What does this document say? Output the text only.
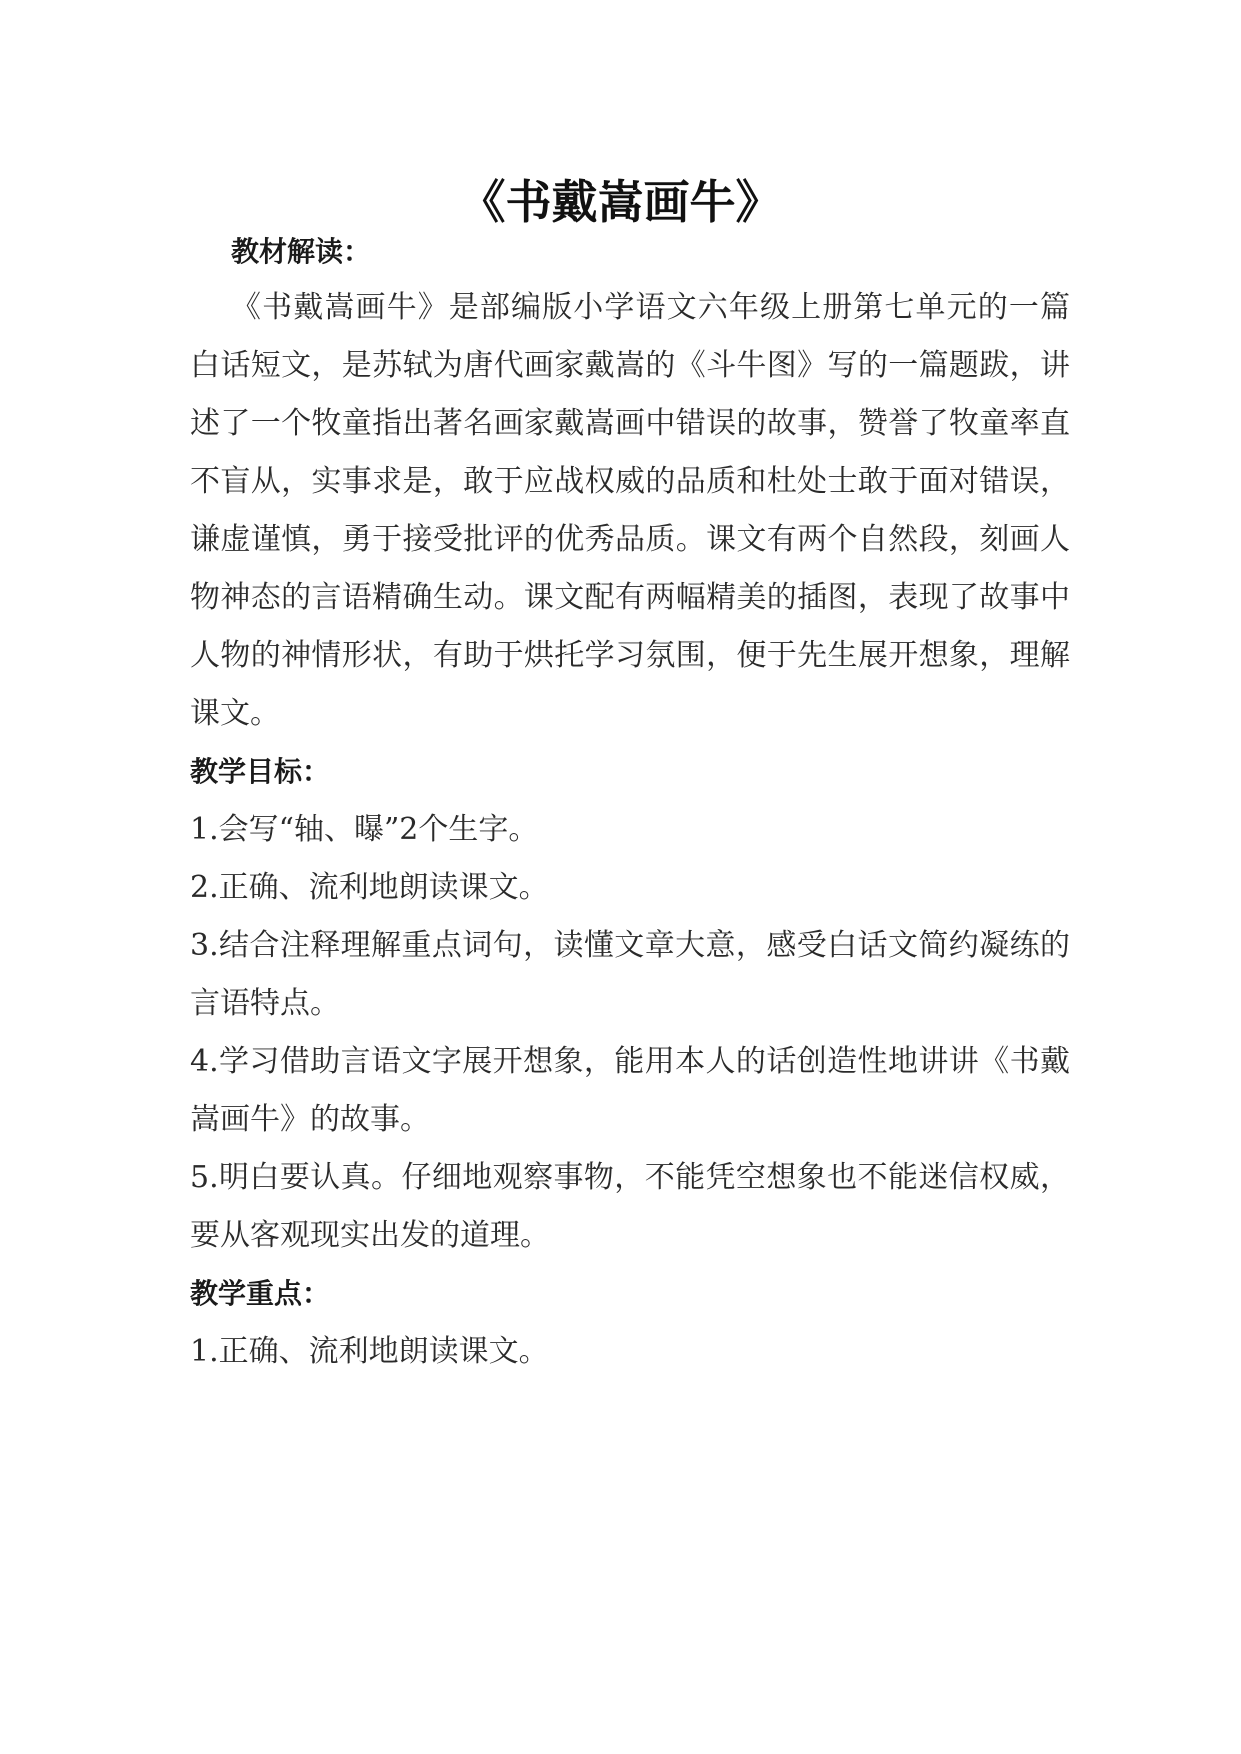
《书戴嵩画牛》
教材解读：
《书戴嵩画牛》是部编版小学语文六年级上册第七单元的一篇
白话短文，是苏轼为唐代画家戴嵩的《斗牛图》写的一篇题跋，讲
述了一个牧童指出著名画家戴嵩画中错误的故事，赞誉了牧童率直
不盲从，实事求是，敢于应战权威的品质和杜处士敢于面对错误，
谦虚谨慎，勇于接受批评的优秀品质。课文有两个自然段，刻画人
物神态的言语精确生动。课文配有两幅精美的插图，表现了故事中
人物的神情形状，有助于烘托学习氛围，便于先生展开想象，理解
课文。
教学目标：
1.会写“轴、曝”2个生字。
2.正确、流利地朗读课文。
3.结合注释理解重点词句，读懂文章大意，感受白话文简约凝练的
言语特点。
4.学习借助言语文字展开想象，能用本人的话创造性地讲讲《书戴
嵩画牛》的故事。
5.明白要认真。仔细地观察事物，不能凭空想象也不能迷信权威，
要从客观现实出发的道理。
教学重点：
1.正确、流利地朗读课文。
